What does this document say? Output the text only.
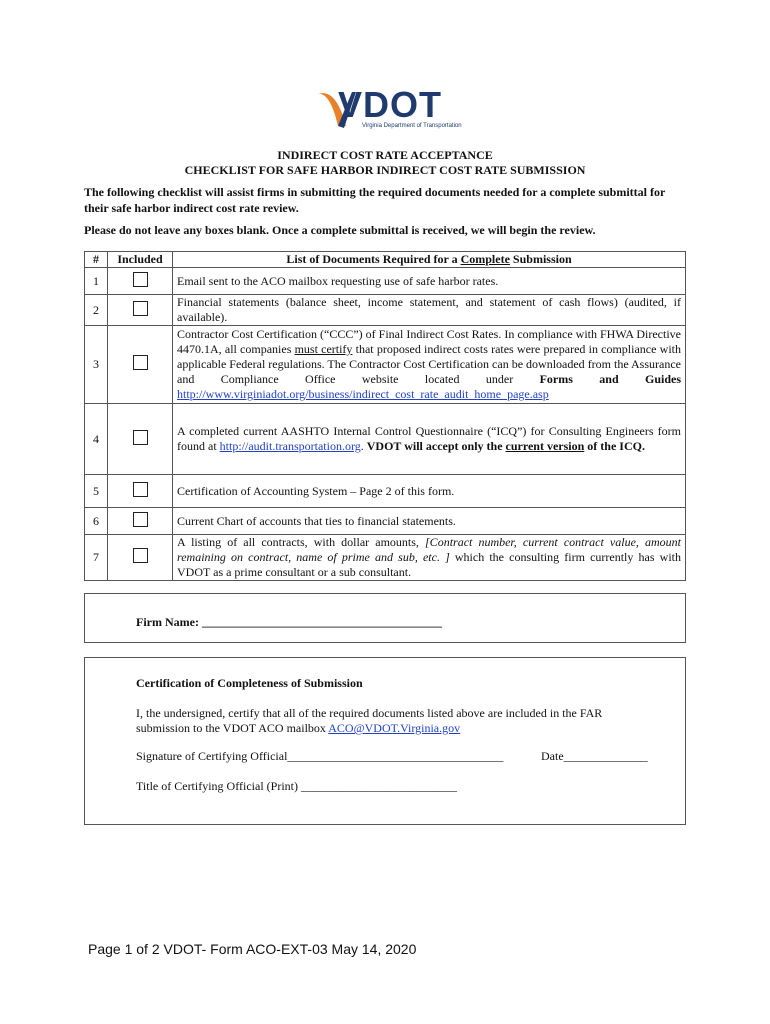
VDOT
Virginia Department of Transportation
INDIRECT COST RATE ACCEPTANCE
CHECKLIST FOR SAFE HARBOR INDIRECT COST RATE SUBMISSION
The following checklist will assist firms in submitting the required documents needed for a complete submittal for their safe harbor indirect cost rate review.
Please do not leave any boxes blank. Once a complete submittal is received, we will begin the review.
#	Included	List of Documents Required for a Complete Submission
1		Email sent to the ACO mailbox requesting use of safe harbor rates.
2		Financial statements (balance sheet, income statement, and statement of cash flows) (audited, if available).
3		Contractor Cost Certification (“CCC”) of Final Indirect Cost Rates. In compliance with FHWA Directive 4470.1A, all companies must certify that proposed indirect costs rates were prepared in compliance with applicable Federal regulations. The Contractor Cost Certification can be downloaded from the Assurance and Compliance Office website located under Forms and Guides http://www.virginiadot.org/business/indirect_cost_rate_audit_home_page.asp
4		A completed current AASHTO Internal Control Questionnaire (“ICQ”) for Consulting Engineers form found at http://audit.transportation.org. VDOT will accept only the current version of the ICQ.
5		Certification of Accounting System – Page 2 of this form.
6		Current Chart of accounts that ties to financial statements.
7		A listing of all contracts, with dollar amounts, [Contract number, current contract value, amount remaining on contract, name of prime and sub, etc. ] which the consulting firm currently has with VDOT as a prime consultant or a sub consultant.
Firm Name: ________________________________________
Certification of Completeness of Submission
I, the undersigned, certify that all of the required documents listed above are included in the FAR submission to the VDOT ACO mailbox ACO@VDOT.Virginia.gov
Signature of Certifying Official____________________________________	Date______________
Title of Certifying Official (Print) __________________________
Page 1 of 2 VDOT- Form ACO-EXT-03 May 14, 2020
